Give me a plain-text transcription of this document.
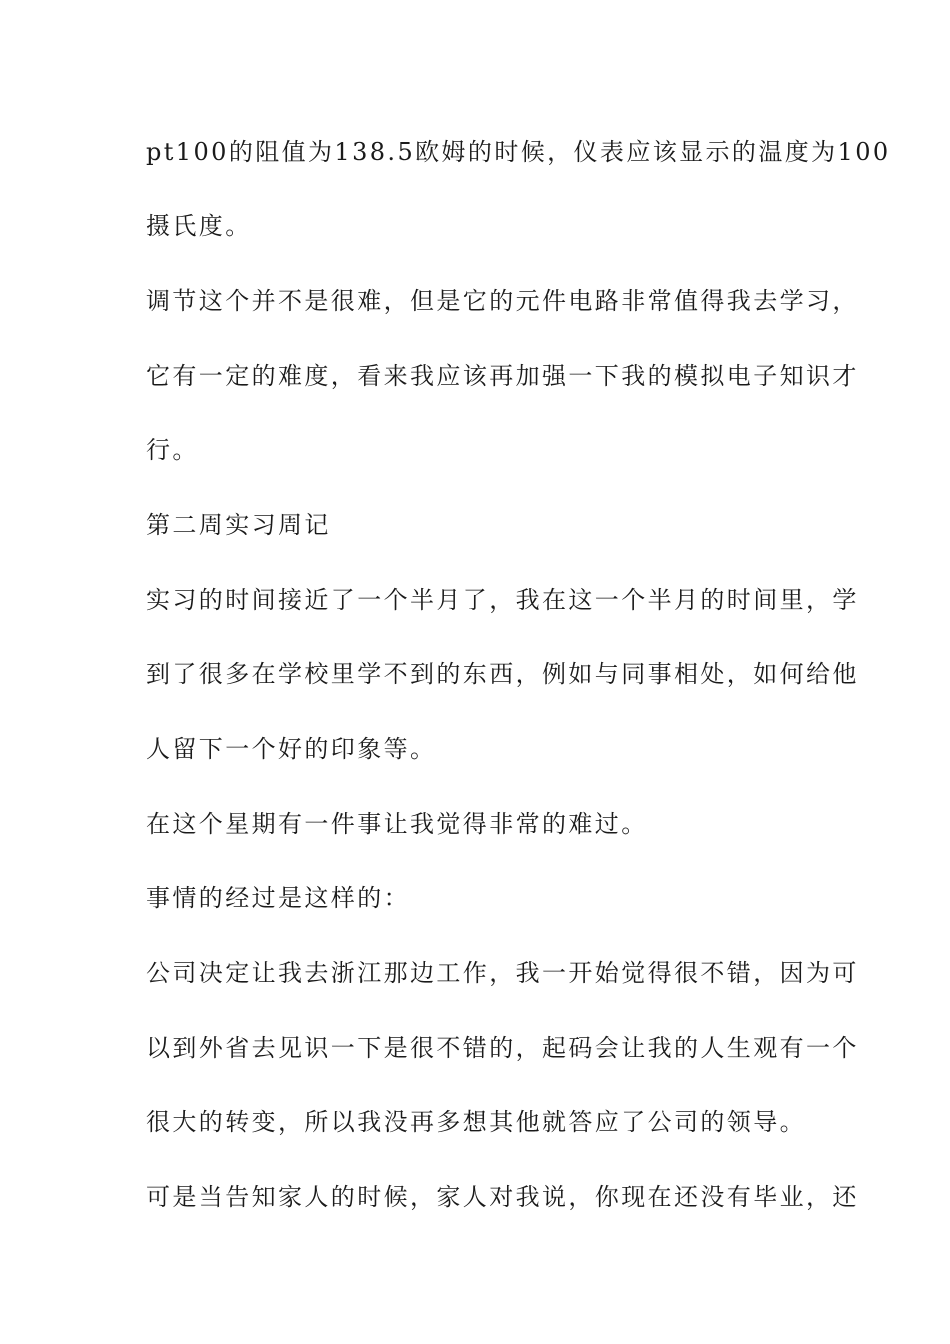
pt100的阻值为138.5欧姆的时候，仪表应该显示的温度为100
摄氏度。
调节这个并不是很难，但是它的元件电路非常值得我去学习，
它有一定的难度，看来我应该再加强一下我的模拟电子知识才
行。
第二周实习周记
实习的时间接近了一个半月了，我在这一个半月的时间里，学
到了很多在学校里学不到的东西，例如与同事相处，如何给他
人留下一个好的印象等。
在这个星期有一件事让我觉得非常的难过。
事情的经过是这样的：
公司决定让我去浙江那边工作，我一开始觉得很不错，因为可
以到外省去见识一下是很不错的，起码会让我的人生观有一个
很大的转变，所以我没再多想其他就答应了公司的领导。
可是当告知家人的时候，家人对我说，你现在还没有毕业，还
